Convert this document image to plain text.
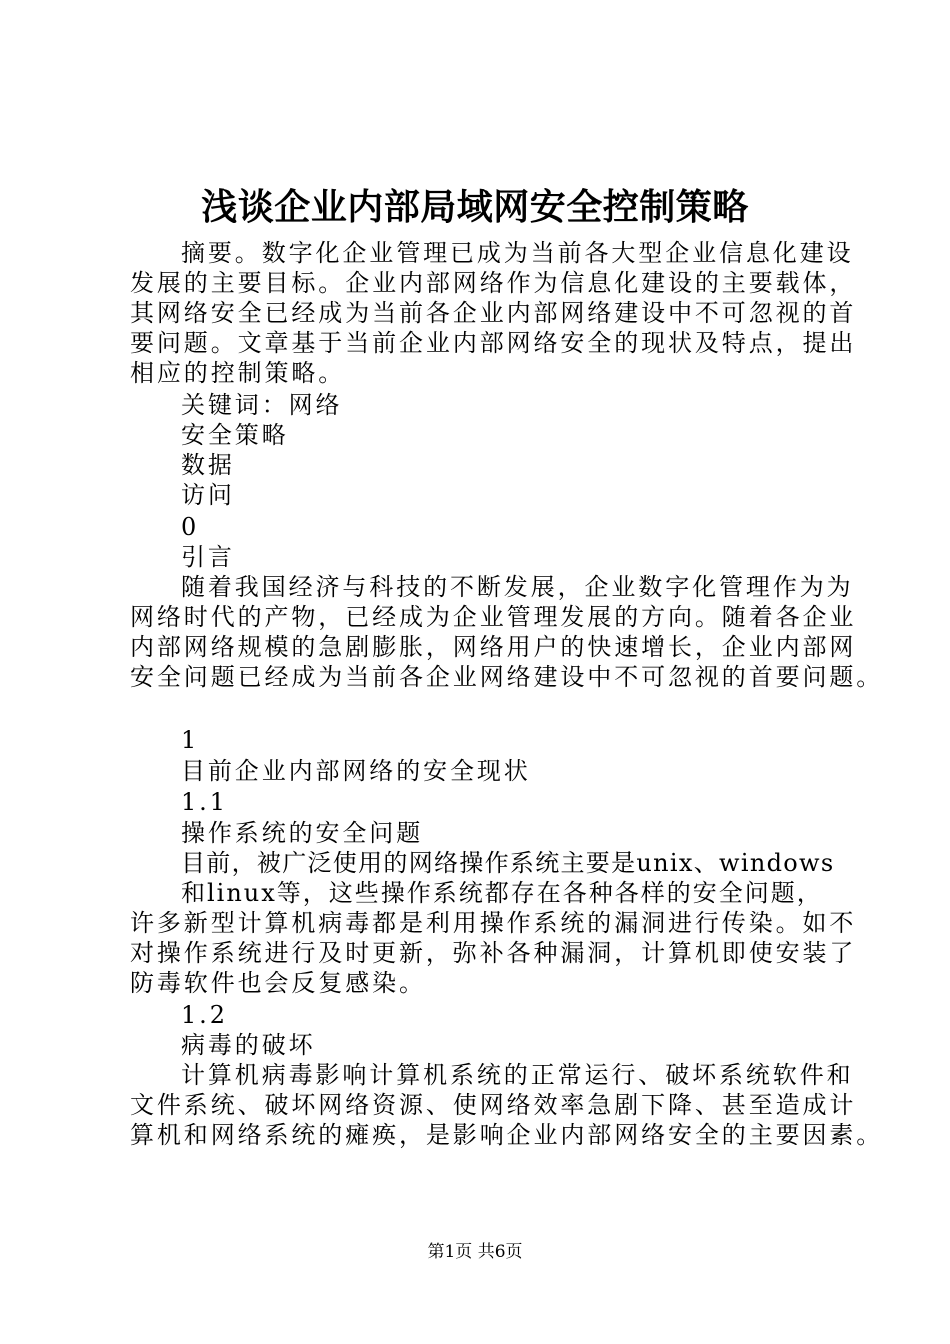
浅谈企业内部局域网安全控制策略
摘要。数字化企业管理已成为当前各大型企业信息化建设
发展的主要目标。企业内部网络作为信息化建设的主要载体，
其网络安全已经成为当前各企业内部网络建设中不可忽视的首
要问题。文章基于当前企业内部网络安全的现状及特点，提出
相应的控制策略。
关键词：网络
安全策略
数据
访问
0
引言
随着我国经济与科技的不断发展，企业数字化管理作为为
网络时代的产物，已经成为企业管理发展的方向。随着各企业
内部网络规模的急剧膨胀，网络用户的快速增长，企业内部网
安全问题已经成为当前各企业网络建设中不可忽视的首要问题。
1
目前企业内部网络的安全现状
1.1
操作系统的安全问题
目前，被广泛使用的网络操作系统主要是unix、windows
和linux等，这些操作系统都存在各种各样的安全问题，
许多新型计算机病毒都是利用操作系统的漏洞进行传染。如不
对操作系统进行及时更新，弥补各种漏洞，计算机即使安装了
防毒软件也会反复感染。
1.2
病毒的破坏
计算机病毒影响计算机系统的正常运行、破坏系统软件和
文件系统、破坏网络资源、使网络效率急剧下降、甚至造成计
算机和网络系统的瘫痪，是影响企业内部网络安全的主要因素。
第1页 共6页
